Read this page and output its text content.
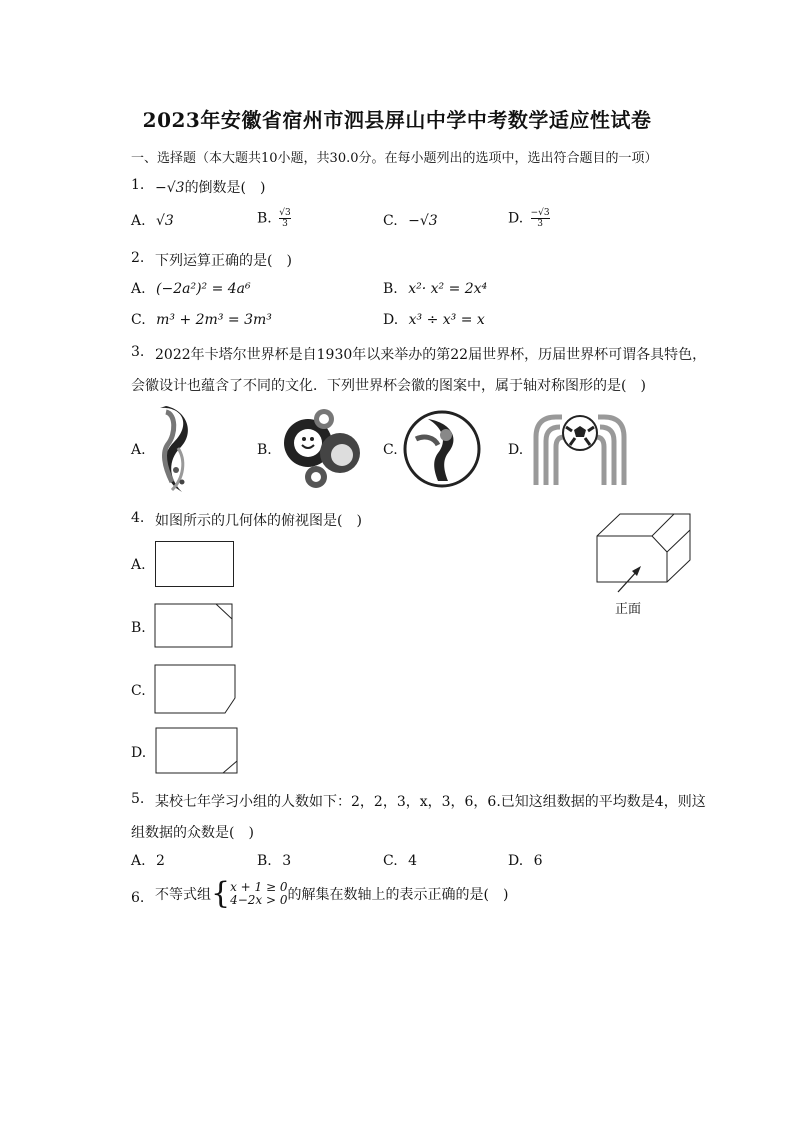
2023年安徽省宿州市泗县屏山中学中考数学适应性试卷
一、选择题（本大题共10小题，共30.0分。在每小题列出的选项中，选出符合题目的一项）
1. −√3的倒数是(　)
A. √3	B. $\frac{√3}{3}$	C. −√3	D. $\frac{-√3}{3}$
2. 下列运算正确的是(　)
A. (−2a²)² = 4a⁶	B. x²· x² = 2x⁴
C. m³ + 2m³ = 3m³	D. x³ ÷ x³ = x
3. 2022年卡塔尔世界杯是自1930年以来举办的第22届世界杯，历届世界杯可谓各具特色，
会徽设计也蕴含了不同的文化．下列世界杯会徽的图案中，属于轴对称图形的是(　)
A.	B.	C.	D.
4. 如图所示的几何体的俯视图是(　)
A.
B.
C.
D.
正面
5. 某校七年学习小组的人数如下：2，2，3，x，3，6，6.已知这组数据的平均数是4，则这
组数据的众数是(　)
A. 2	B. 3	C. 4	D. 6
6. 不等式组 { x + 1 ≥ 0
4−2x > 0 的解集在数轴上的表示正确的是(　)
